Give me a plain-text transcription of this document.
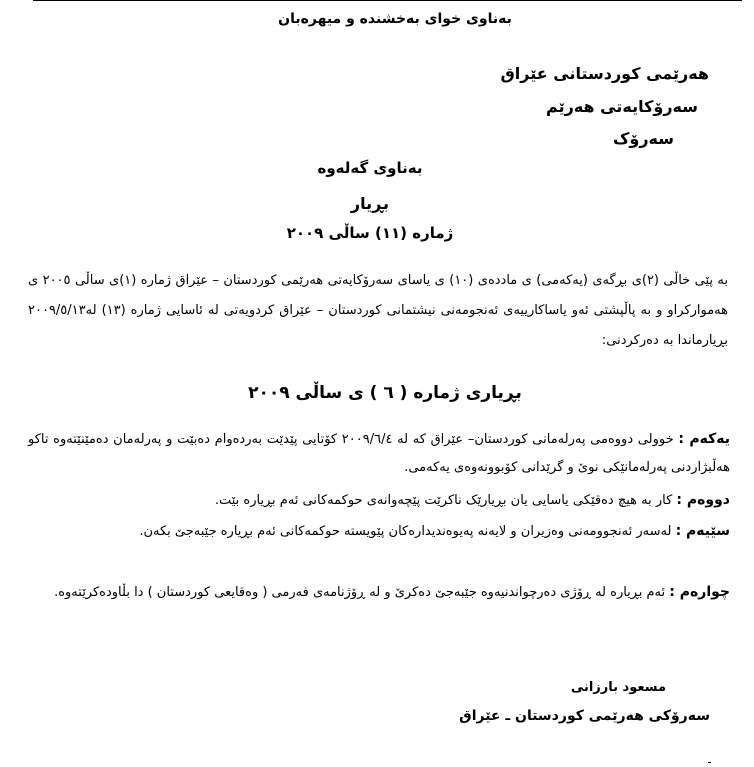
بەناوی خوای بەخشندە و میهرەبان
هەرێمی کوردستانی عێراق
سەرۆکایەتی هەرێم
سەرۆک
بەناوی گەلەوە
بڕیار
ژمارە (١١) ساڵی ٢٠٠٩
بە پێی خاڵی (٢)ی بڕگەی (یەکەمی) ی ماددەی (١٠) ی یاسای سەرۆکایەتی هەرێمی کوردستان – عێراق ژمارە (١)ی ساڵی ٢٠٠٥ ی هەموارکراو و بە پاڵپشتی ئەو یاساکارییەی ئەنجومەنی نیشتمانی کوردستان – عێراق کردویەتی لە ئاسایی ژمارە (١٣) لە٢٠٠٩/٥/١٣ بڕیارماندا بە دەرکردنی:
بڕیاری ژمارە ( ٦ ) ی ساڵی ٢٠٠٩
یەکەم : خوولی دووەمی پەرلەمانی کوردستان– عێراق کە لە ٢٠٠٩/٦/٤ کۆتایی پێدێت بەردەوام دەبێت و پەرلەمان دەمێنێتەوە تاکو هەڵبژاردنی پەرلەمانێکی نوێ و گرێدانی کۆبوونەوەی یەکەمی.
دووەم : کار بە هیچ دەقێکی یاسایی یان بڕیارێک ناکرێت پێچەوانەی حوکمەکانی ئەم بڕیارە بێت.
سێیەم : لەسەر ئەنجوومەنی وەزیران و لایەنە پەیوەندیدارەکان پێویستە حوکمەکانی ئەم بڕیارە جێبەجێ بکەن.
چوارەم : ئەم بڕیارە لە ڕۆژی دەرچواندنیەوە جێبەجێ دەکرێ و لە ڕۆژنامەی فەرمی ( وەقایعی کوردستان ) دا بڵاودەکرێتەوە.
مسعود بارزانی
سەرۆکی هەرێمی کوردستان ـ عێراق
